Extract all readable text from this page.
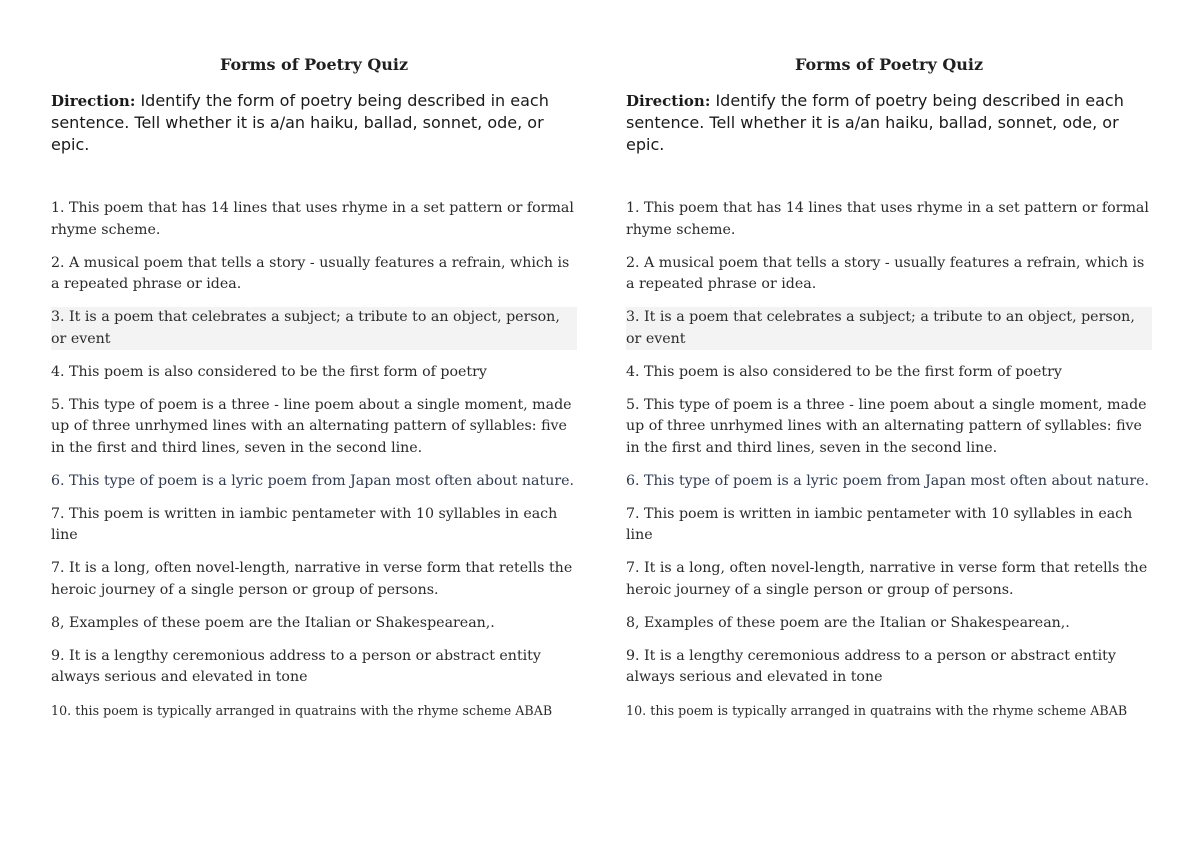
Forms of Poetry Quiz

Direction: Identify the form of poetry being described in each sentence. Tell whether it is a/an haiku, ballad, sonnet, ode, or epic.

1. This poem that has 14 lines that uses rhyme in a set pattern or formal rhyme scheme.

2. A musical poem that tells a story - usually features a refrain, which is a repeated phrase or idea.

3. It is a poem that celebrates a subject; a tribute to an object, person, or event

4. This poem is also considered to be the first form of poetry

5. This type of poem is a three - line poem about a single moment, made up of three unrhymed lines with an alternating pattern of syllables: five in the first and third lines, seven in the second line.

6. This type of poem is a lyric poem from Japan most often about nature.

7. This poem is written in iambic pentameter with 10 syllables in each line

7. It is a long, often novel-length, narrative in verse form that retells the heroic journey of a single person or group of persons.

8, Examples of these poem are the Italian or Shakespearean,.

9. It is a lengthy ceremonious address to a person or abstract entity always serious and elevated in tone

10. this poem is typically arranged in quatrains with the rhyme scheme ABAB

Forms of Poetry Quiz

Direction: Identify the form of poetry being described in each sentence. Tell whether it is a/an haiku, ballad, sonnet, ode, or epic.

1. This poem that has 14 lines that uses rhyme in a set pattern or formal rhyme scheme.

2. A musical poem that tells a story - usually features a refrain, which is a repeated phrase or idea.

3. It is a poem that celebrates a subject; a tribute to an object, person, or event

4. This poem is also considered to be the first form of poetry

5. This type of poem is a three - line poem about a single moment, made up of three unrhymed lines with an alternating pattern of syllables: five in the first and third lines, seven in the second line.

6. This type of poem is a lyric poem from Japan most often about nature.

7. This poem is written in iambic pentameter with 10 syllables in each line

7. It is a long, often novel-length, narrative in verse form that retells the heroic journey of a single person or group of persons.

8, Examples of these poem are the Italian or Shakespearean,.

9. It is a lengthy ceremonious address to a person or abstract entity always serious and elevated in tone

10. this poem is typically arranged in quatrains with the rhyme scheme ABAB
